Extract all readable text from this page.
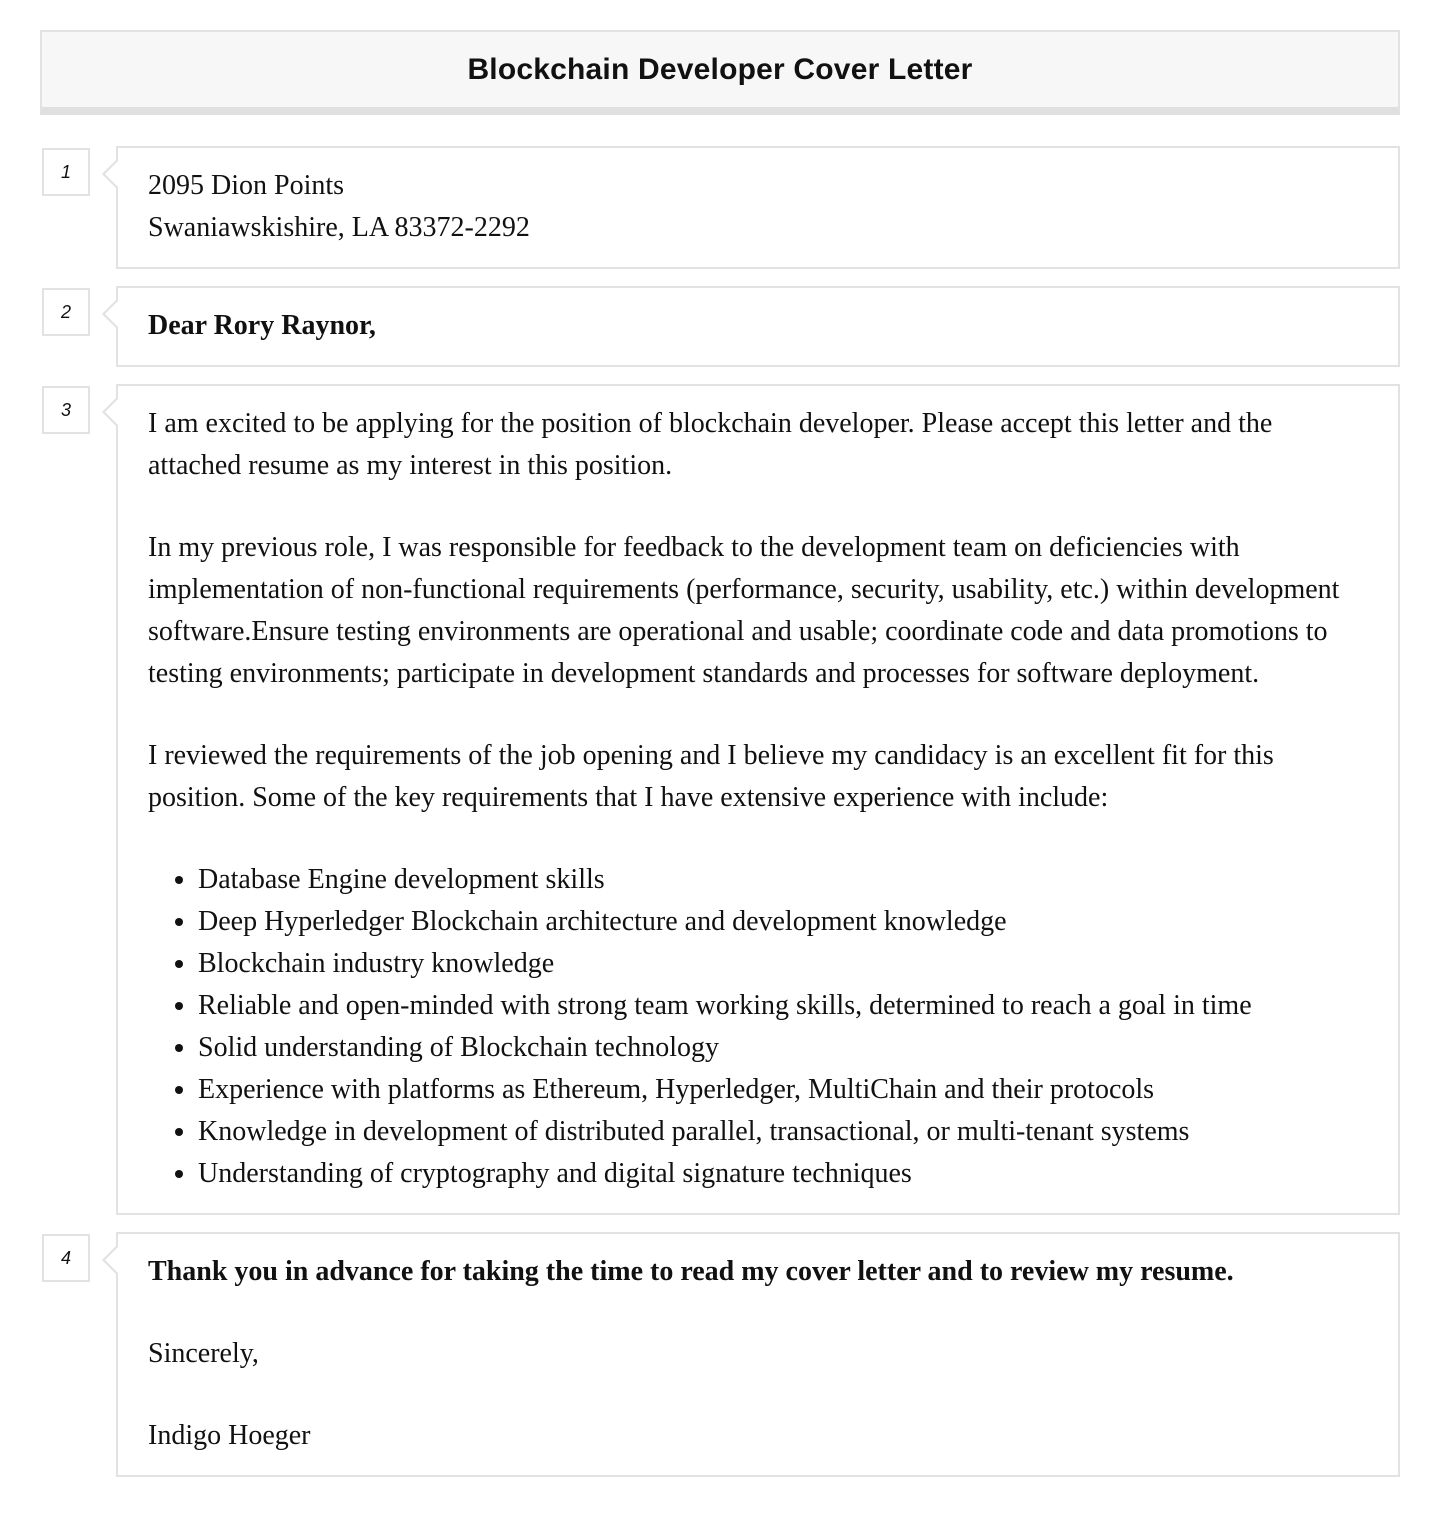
Blockchain Developer Cover Letter
1	2095 Dion Points
Swaniawskishire, LA 83372-2292
2	Dear Rory Raynor,
3	I am excited to be applying for the position of blockchain developer. Please accept this letter and the attached resume as my interest in this position.

In my previous role, I was responsible for feedback to the development team on deficiencies with implementation of non-functional requirements (performance, security, usability, etc.) within development software.Ensure testing environments are operational and usable; coordinate code and data promotions to testing environments; participate in development standards and processes for software deployment.

I reviewed the requirements of the job opening and I believe my candidacy is an excellent fit for this position. Some of the key requirements that I have extensive experience with include:

• Database Engine development skills
• Deep Hyperledger Blockchain architecture and development knowledge
• Blockchain industry knowledge
• Reliable and open-minded with strong team working skills, determined to reach a goal in time
• Solid understanding of Blockchain technology
• Experience with platforms as Ethereum, Hyperledger, MultiChain and their protocols
• Knowledge in development of distributed parallel, transactional, or multi-tenant systems
• Understanding of cryptography and digital signature techniques
4	Thank you in advance for taking the time to read my cover letter and to review my resume.

Sincerely,

Indigo Hoeger
